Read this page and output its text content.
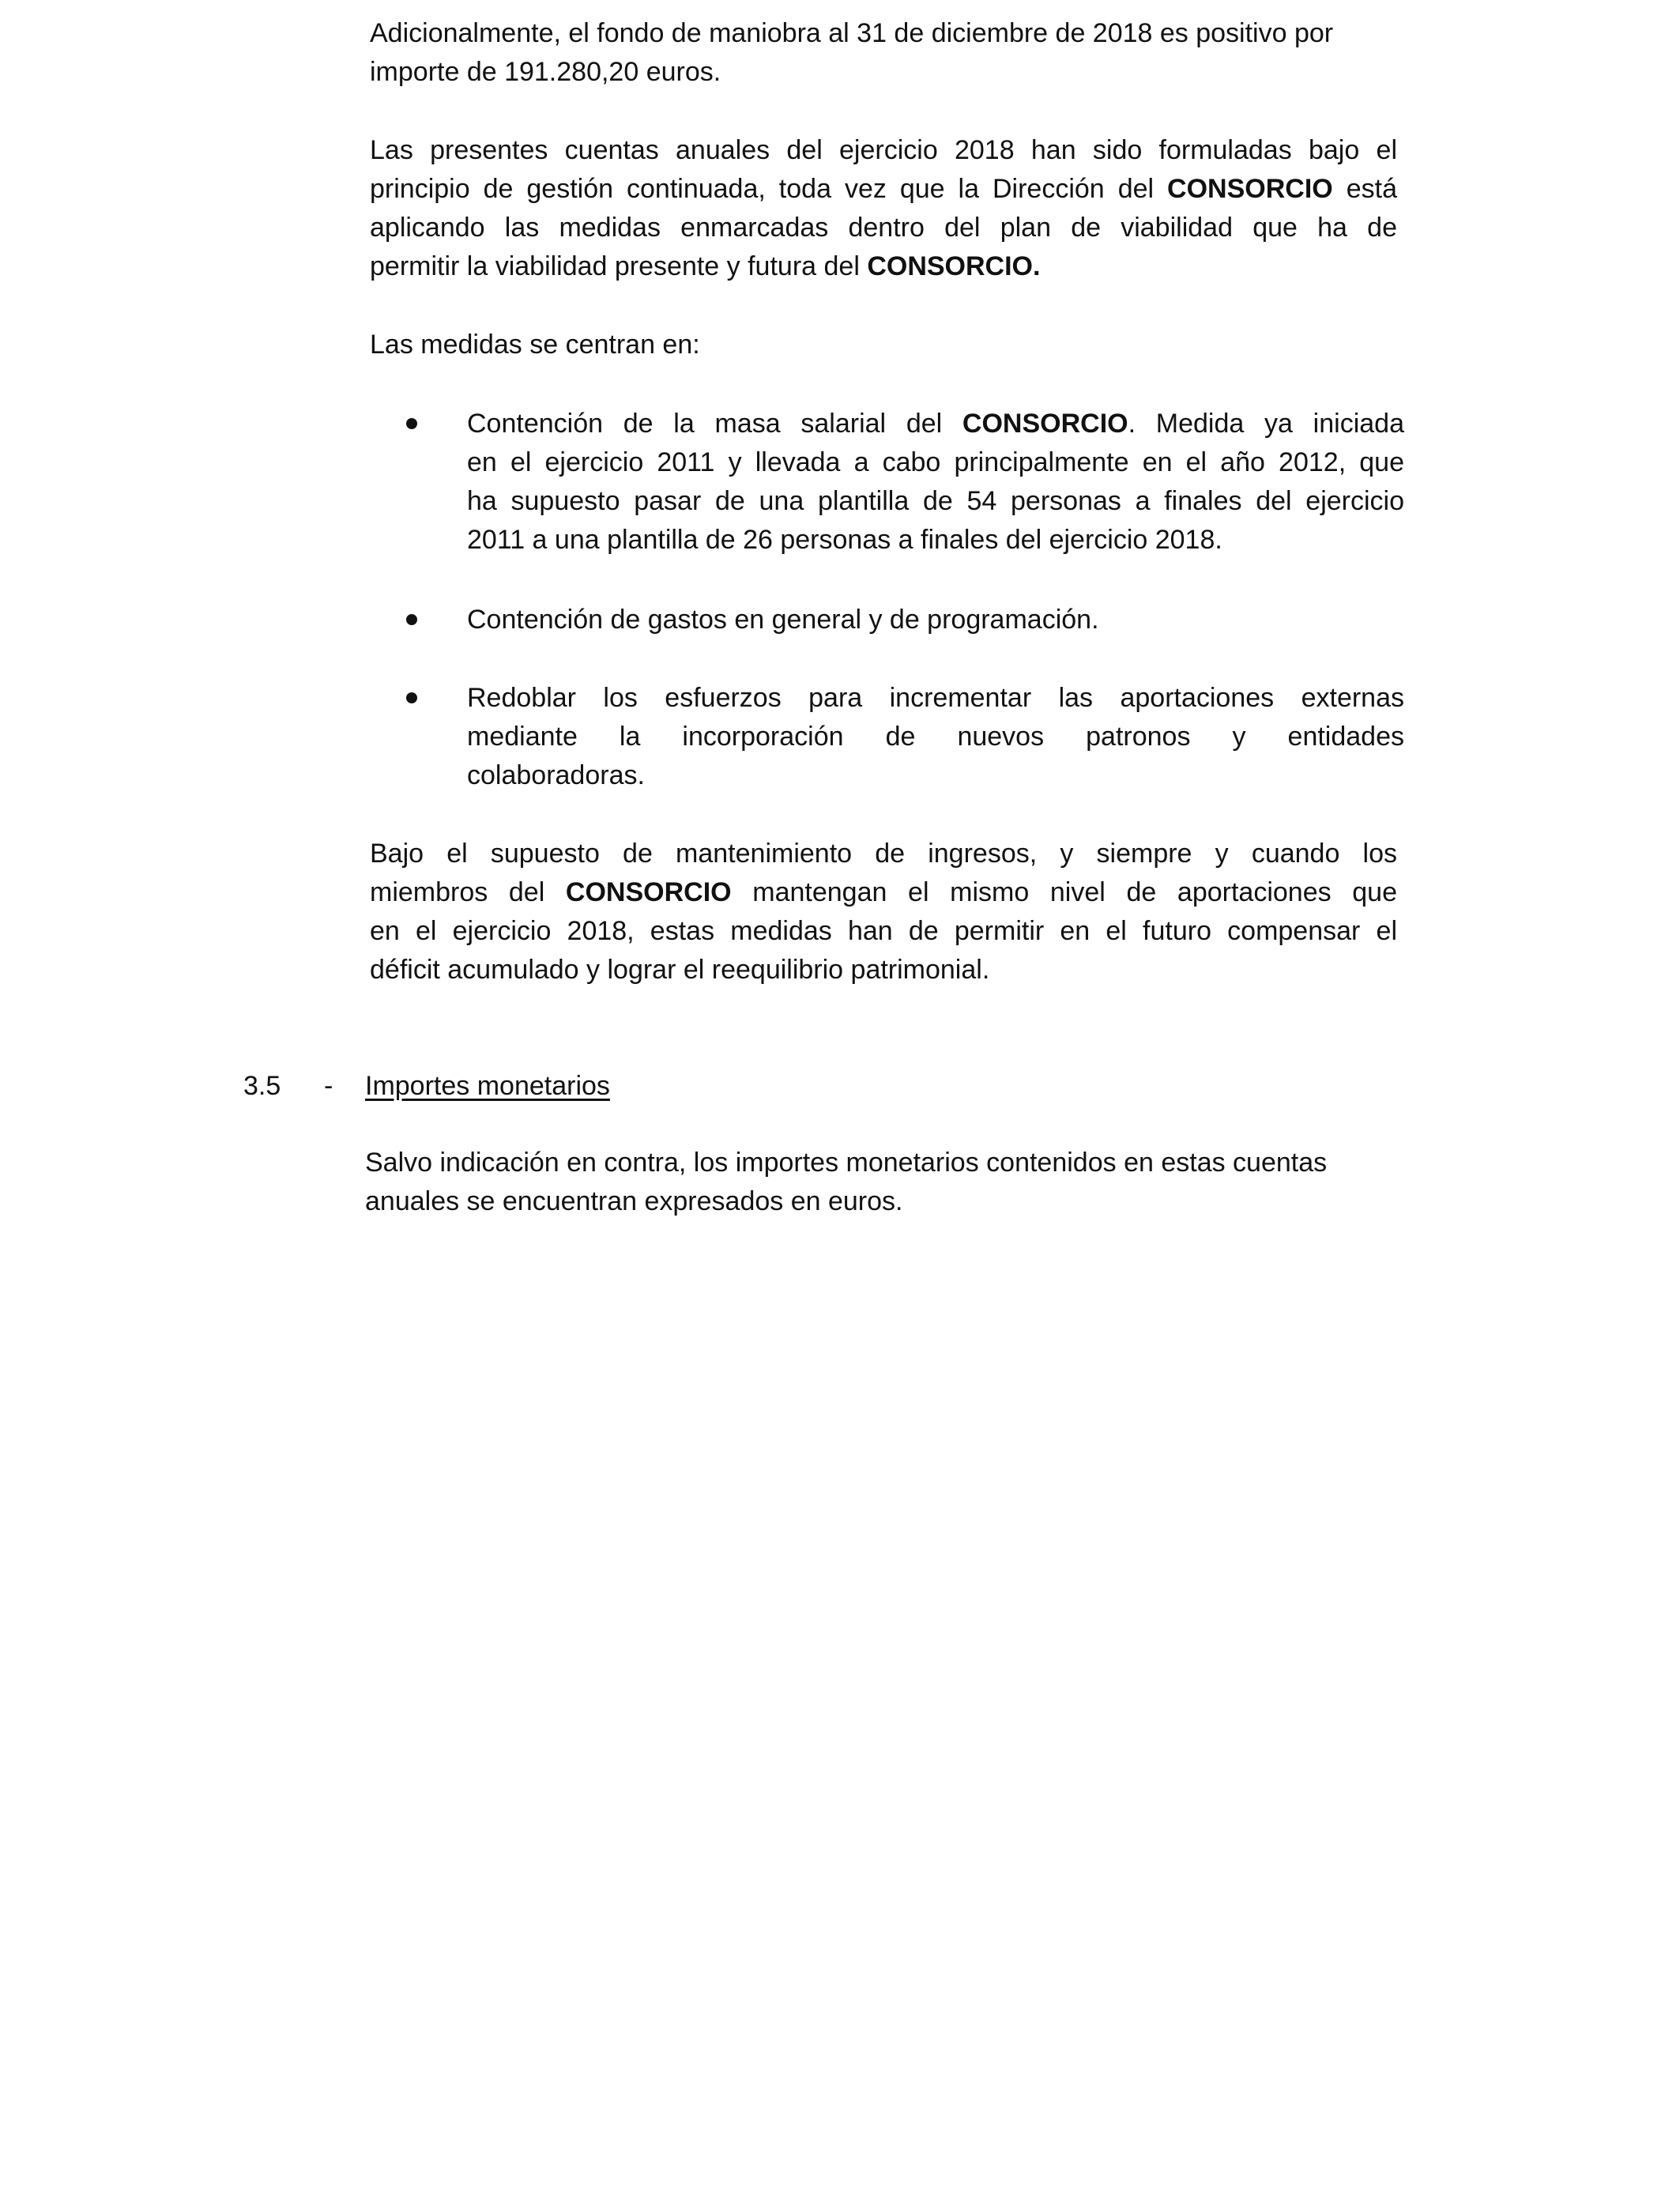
Adicionalmente, el fondo de maniobra al 31 de diciembre de 2018 es positivo por
importe de 191.280,20 euros.
Las presentes cuentas anuales del ejercicio 2018 han sido formuladas bajo el
principio de gestión continuada, toda vez que la Dirección del CONSORCIO está
aplicando las medidas enmarcadas dentro del plan de viabilidad que ha de
permitir la viabilidad presente y futura del CONSORCIO.
Las medidas se centran en:
Contención de la masa salarial del CONSORCIO. Medida ya iniciada
en el ejercicio 2011 y llevada a cabo principalmente en el año 2012, que
ha supuesto pasar de una plantilla de 54 personas a finales del ejercicio
2011 a una plantilla de 26 personas a finales del ejercicio 2018.
Contención de gastos en general y de programación.
Redoblar los esfuerzos para incrementar las aportaciones externas
mediante la incorporación de nuevos patronos y entidades
colaboradoras.
Bajo el supuesto de mantenimiento de ingresos, y siempre y cuando los
miembros del CONSORCIO mantengan el mismo nivel de aportaciones que
en el ejercicio 2018, estas medidas han de permitir en el futuro compensar el
déficit acumulado y lograr el reequilibrio patrimonial.
3.5 - Importes monetarios
Salvo indicación en contra, los importes monetarios contenidos en estas cuentas
anuales se encuentran expresados en euros.
